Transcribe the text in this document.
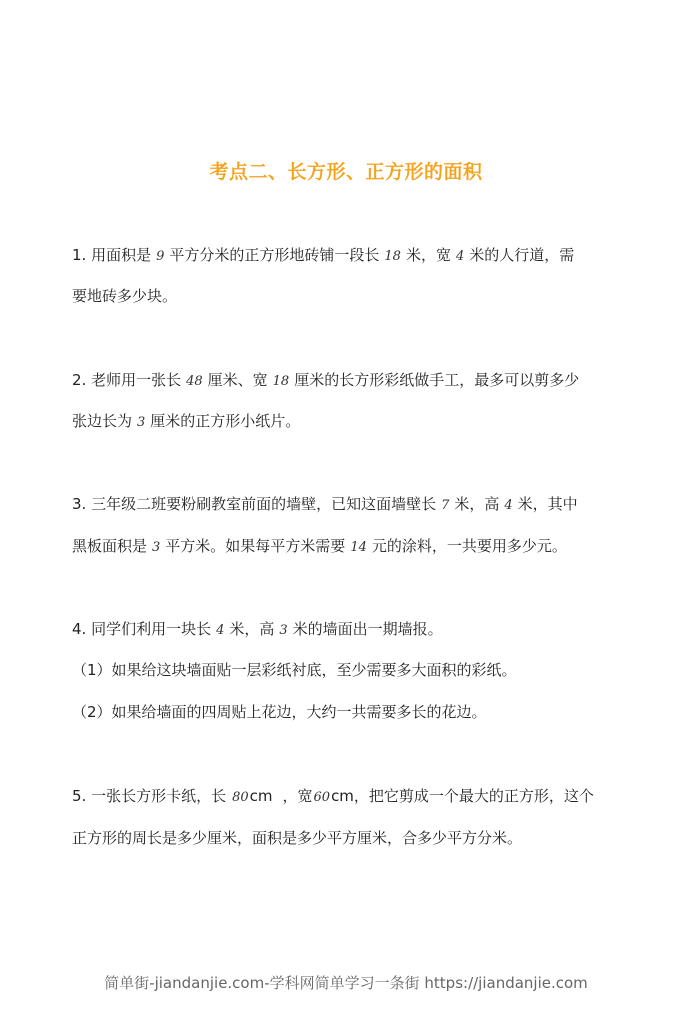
考点二、长方形、正方形的面积
1. 用面积是 9 平方分米的正方形地砖铺一段长 18 米，宽 4 米的人行道，需
要地砖多少块。
2. 老师用一张长 48 厘米、宽 18 厘米的长方形彩纸做手工，最多可以剪多少
张边长为 3 厘米的正方形小纸片。
3. 三年级二班要粉刷教室前面的墙壁，已知这面墙壁长 7 米，高 4 米，其中
黑板面积是 3 平方米。如果每平方米需要 14 元的涂料，一共要用多少元。
4. 同学们利用一块长 4 米，高 3 米的墙面出一期墙报。
（1）如果给这块墙面贴一层彩纸衬底，至少需要多大面积的彩纸。
（2）如果给墙面的四周贴上花边，大约一共需要多长的花边。
5. 一张长方形卡纸，长 80cm ，宽60cm，把它剪成一个最大的正方形，这个
正方形的周长是多少厘米，面积是多少平方厘米，合多少平方分米。
简单街-jiandanjie.com-学科网简单学习一条街 https://jiandanjie.com
